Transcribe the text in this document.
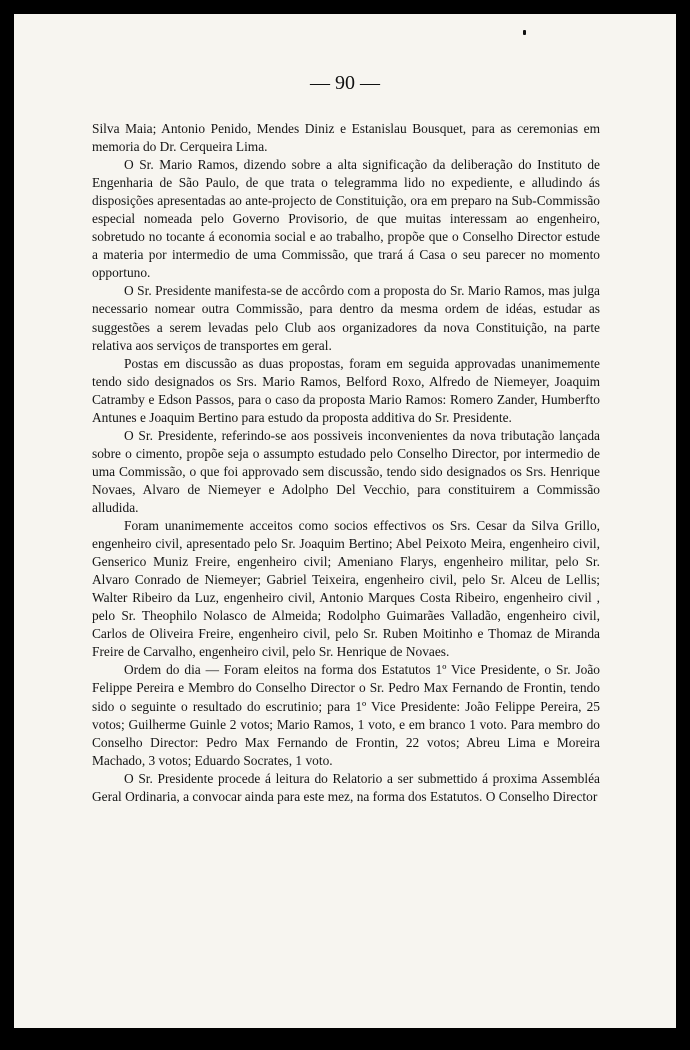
— 90 —

Silva Maia; Antonio Penido, Mendes Diniz e Estanislau Bousquet, para as ceremonias em memoria do Dr. Cerqueira Lima.

O Sr. Mario Ramos, dizendo sobre a alta significação da deliberação do Instituto de Engenharia de São Paulo, de que trata o telegramma lido no expediente, e alludindo ás disposições apresentadas ao ante-projecto de Constituição, ora em preparo na Sub-Commissão especial nomeada pelo Governo Provisorio, de que muitas interessam ao engenheiro, sobretudo no tocante á economia social e ao trabalho, propõe que o Conselho Director estude a materia por intermedio de uma Commissão, que trará á Casa o seu parecer no momento opportuno.

O Sr. Presidente manifesta-se de accôrdo com a proposta do Sr. Mario Ramos, mas julga necessario nomear outra Commissão, para dentro da mesma ordem de idéas, estudar as suggestões a serem levadas pelo Club aos organizadores da nova Constituição, na parte relativa aos serviços de transportes em geral.

Postas em discussão as duas propostas, foram em seguida approvadas unanimemente tendo sido designados os Srs. Mario Ramos, Belford Roxo, Alfredo de Niemeyer, Joaquim Catramby e Edson Passos, para o caso da proposta Mario Ramos: Romero Zander, Humberfto Antunes e Joaquim Bertino para estudo da proposta additiva do Sr. Presidente.

O Sr. Presidente, referindo-se aos possiveis inconvenientes da nova tributação lançada sobre o cimento, propõe seja o assumpto estudado pelo Conselho Director, por intermedio de uma Commissão, o que foi approvado sem discussão, tendo sido designados os Srs. Henrique Novaes, Alvaro de Niemeyer e Adolpho Del Vecchio, para constituirem a Commissão alludida.

Foram unanimemente acceitos como socios effectivos os Srs. Cesar da Silva Grillo, engenheiro civil, apresentado pelo Sr. Joaquim Bertino; Abel Peixoto Meira, engenheiro civil, Genserico Muniz Freire, engenheiro civil; Ameniano Flarys, engenheiro militar, pelo Sr. Alvaro Conrado de Niemeyer; Gabriel Teixeira, engenheiro civil, pelo Sr. Alceu de Lellis; Walter Ribeiro da Luz, engenheiro civil, Antonio Marques Costa Ribeiro, engenheiro civil , pelo Sr. Theophilo Nolasco de Almeida; Rodolpho Guimarães Valladão, engenheiro civil, Carlos de Oliveira Freire, engenheiro civil, pelo Sr. Ruben Moitinho e Thomaz de Miranda Freire de Carvalho, engenheiro civil, pelo Sr. Henrique de Novaes.

Ordem do dia — Foram eleitos na forma dos Estatutos 1º Vice Presidente, o Sr. João Felippe Pereira e Membro do Conselho Director o Sr. Pedro Max Fernando de Frontin, tendo sido o seguinte o resultado do escrutinio; para 1º Vice Presidente: João Felippe Pereira, 25 votos; Guilherme Guinle 2 votos; Mario Ramos, 1 voto, e em branco 1 voto. Para membro do Conselho Director: Pedro Max Fernando de Frontin, 22 votos; Abreu Lima e Moreira Machado, 3 votos; Eduardo Socrates, 1 voto.

O Sr. Presidente procede á leitura do Relatorio a ser submettido á proxima Assembléa Geral Ordinaria, a convocar ainda para este mez, na forma dos Estatutos. O Conselho Director
